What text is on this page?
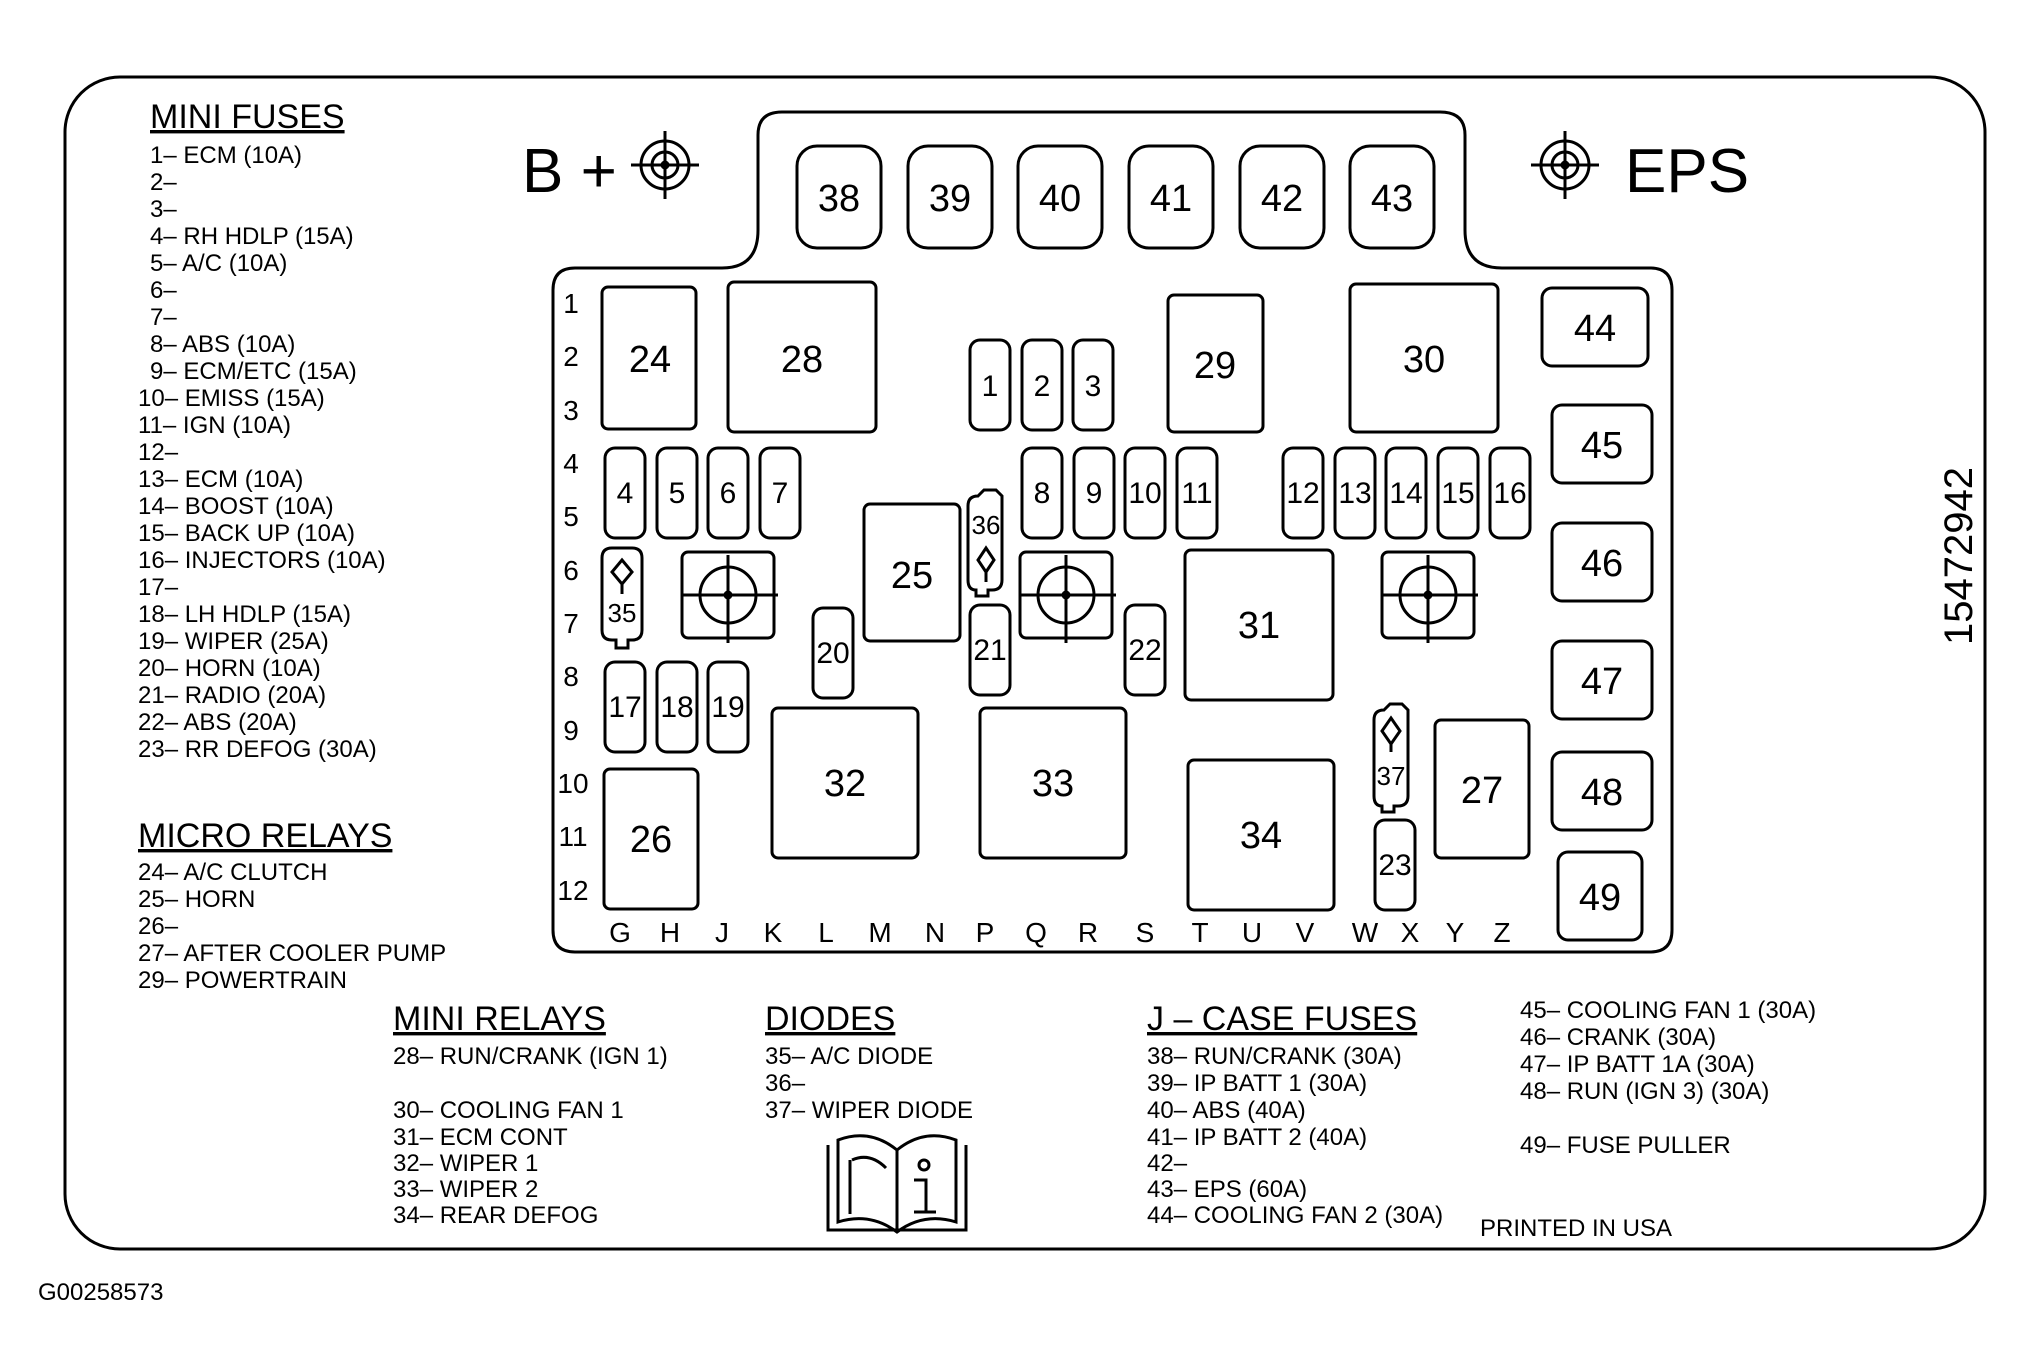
MINI FUSES
1– ECM (10A)
2–
3–
4– RH HDLP (15A)
5– A/C (10A)
6–
7–
8– ABS (10A)
9– ECM/ETC (15A)
10– EMISS (15A)
11– IGN (10A)
12–
13– ECM (10A)
14– BOOST (10A)
15– BACK UP (10A)
16– INJECTORS (10A)
17–
18– LH HDLP (15A)
19– WIPER (25A)
20– HORN (10A)
21– RADIO (20A)
22– ABS (20A)
23– RR DEFOG (30A)
MICRO RELAYS
24– A/C CLUTCH
25– HORN
26–
27– AFTER COOLER PUMP
29– POWERTRAIN
MINI RELAYS
28– RUN/CRANK (IGN 1)
30– COOLING FAN 1
31– ECM CONT
32– WIPER 1
33– WIPER 2
34– REAR DEFOG
DIODES
35– A/C DIODE
36–
37– WIPER DIODE
J – CASE FUSES
38– RUN/CRANK (30A)
39– IP BATT 1 (30A)
40– ABS (40A)
41– IP BATT 2 (40A)
42–
43– EPS (60A)
44– COOLING FAN 2 (30A)
45– COOLING FAN 1 (30A)
46– CRANK (30A)
47– IP BATT 1A (30A)
48– RUN (IGN 3) (30A)
49– FUSE PULLER
PRINTED IN USA
G00258573
15472942
B +	EPS
1
2
3
4
5
6
7
8
9
10
11
12
G H J K L M N P Q R S T U V W X Y Z
38 39 40 41 42 43
44
45
46
47
48
49
24	28	29	30
25
31
32	33
34
26
27
1 2 3
4 5 6 7	8 9 10 11 12 13 14 15 16
17 18 19
20	21	22
23
35
36
37
